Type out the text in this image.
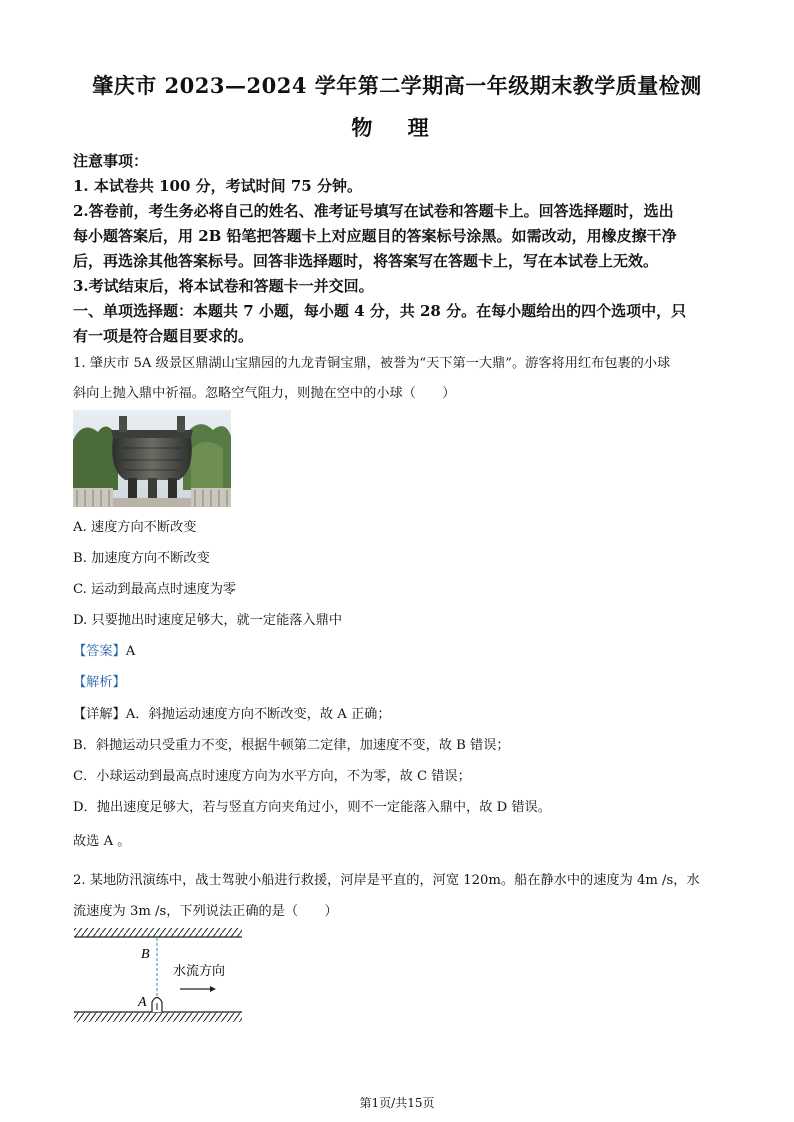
肇庆市 2023—2024 学年第二学期高一年级期末教学质量检测
物 理
注意事项：
1. 本试卷共 100 分，考试时间 75 分钟。
2.答卷前，考生务必将自己的姓名、准考证号填写在试卷和答题卡上。回答选择题时，选出
每小题答案后，用 2B 铅笔把答题卡上对应题目的答案标号涂黑。如需改动，用橡皮擦干净
后，再选涂其他答案标号。回答非选择题时，将答案写在答题卡上，写在本试卷上无效。
3.考试结束后，将本试卷和答题卡一并交回。
一、单项选择题：本题共 7 小题，每小题 4 分，共 28 分。在每小题给出的四个选项中，只
有一项是符合题目要求的。
1. 肇庆市 5A 级景区鼎湖山宝鼎园的九龙青铜宝鼎，被誉为“天下第一大鼎”。游客将用红布包裹的小球
斜向上抛入鼎中祈福。忽略空气阻力，则抛在空中的小球（　　）
A. 速度方向不断改变
B. 加速度方向不断改变
C. 运动到最高点时速度为零
D. 只要抛出时速度足够大，就一定能落入鼎中
【答案】A
【解析】
【详解】A．斜抛运动速度方向不断改变，故 A 正确；
B．斜抛运动只受重力不变，根据牛顿第二定律，加速度不变，故 B 错误；
C．小球运动到最高点时速度方向为水平方向，不为零，故 C 错误；
D．抛出速度足够大，若与竖直方向夹角过小，则不一定能落入鼎中，故 D 错误。
故选 A 。
2. 某地防汛演练中，战士驾驶小船进行救援，河岸是平直的，河宽 120m。船在静水中的速度为 4m /s，水
流速度为 3m /s，下列说法正确的是（　　）
B
A
水流方向
第1页/共15页
